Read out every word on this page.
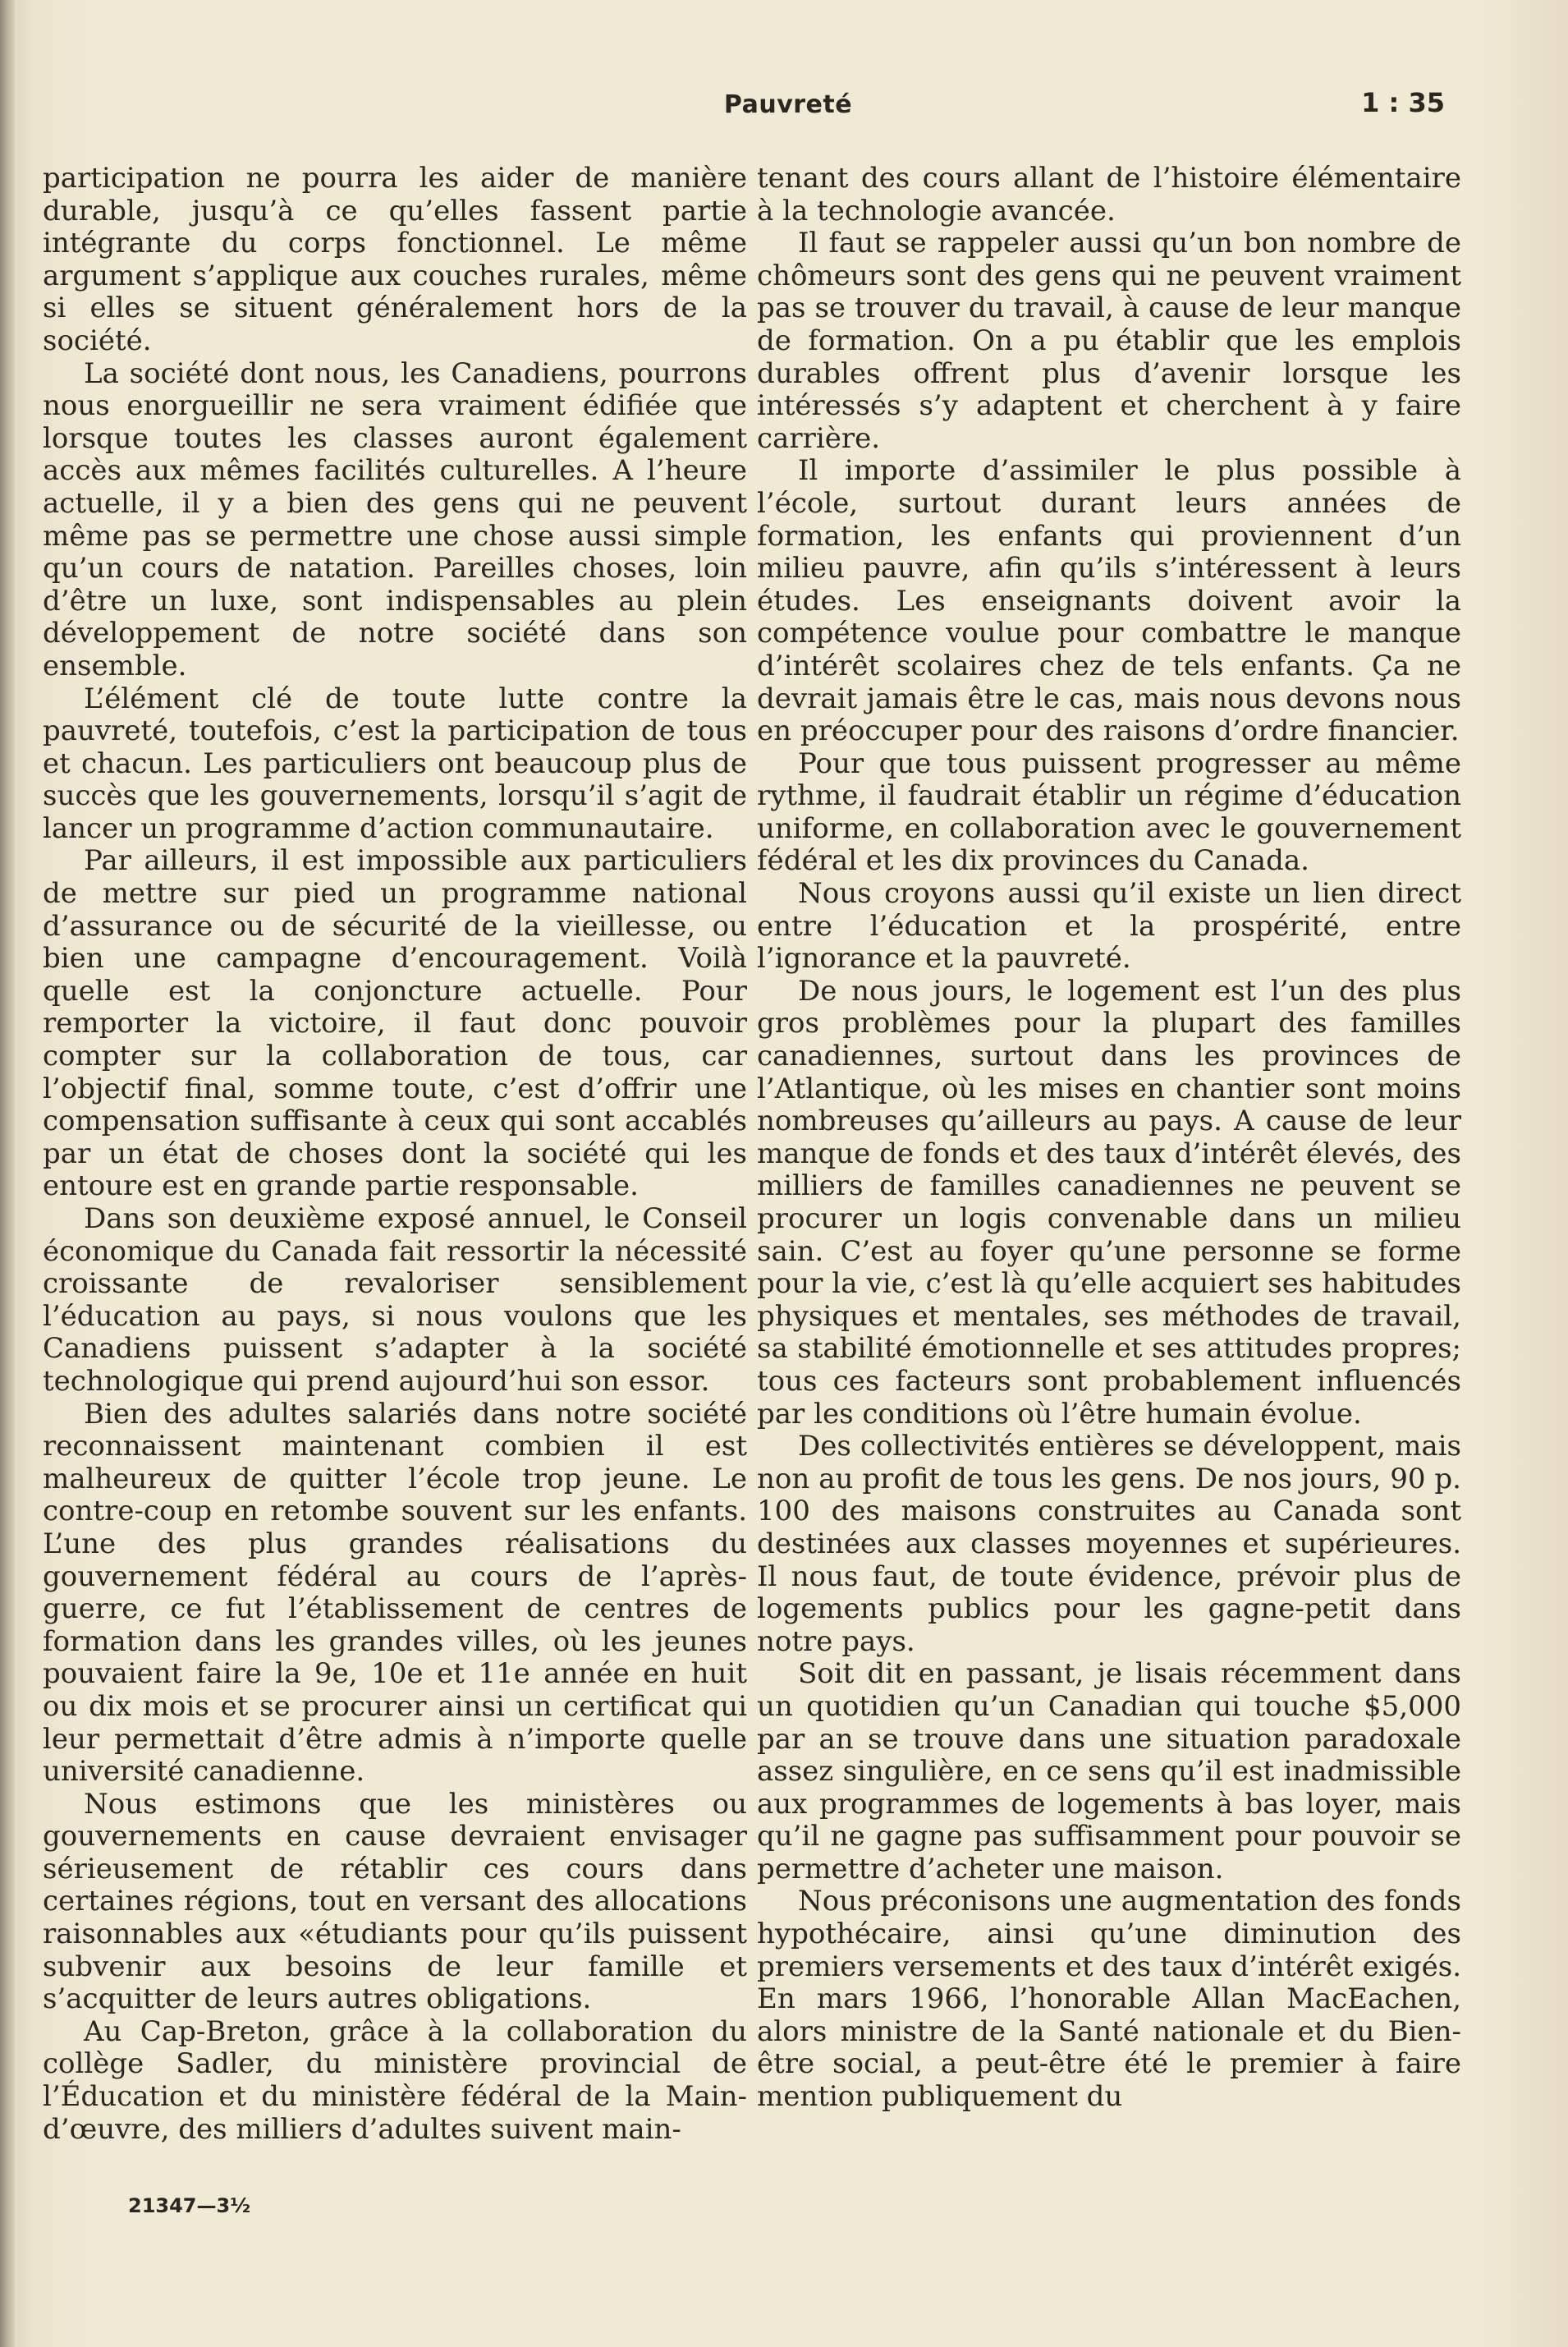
Pauvreté	1 : 35

participation ne pourra les aider de manière durable, jusqu’à ce qu’elles fassent partie intégrante du corps fonctionnel. Le même argument s’applique aux couches rurales, même si elles se situent généralement hors de la société.

La société dont nous, les Canadiens, pourrons nous enorgueillir ne sera vraiment édifiée que lorsque toutes les classes auront également accès aux mêmes facilités culturelles. A l’heure actuelle, il y a bien des gens qui ne peuvent même pas se permettre une chose aussi simple qu’un cours de natation. Pareilles choses, loin d’être un luxe, sont indispensables au plein développement de notre société dans son ensemble.

L’élément clé de toute lutte contre la pauvreté, toutefois, c’est la participation de tous et chacun. Les particuliers ont beaucoup plus de succès que les gouvernements, lorsqu’il s’agit de lancer un programme d’action communautaire.

Par ailleurs, il est impossible aux particuliers de mettre sur pied un programme national d’assurance ou de sécurité de la vieillesse, ou bien une campagne d’encouragement. Voilà quelle est la conjoncture actuelle. Pour remporter la victoire, il faut donc pouvoir compter sur la collaboration de tous, car l’objectif final, somme toute, c’est d’offrir une compensation suffisante à ceux qui sont accablés par un état de choses dont la société qui les entoure est en grande partie responsable.

Dans son deuxième exposé annuel, le Conseil économique du Canada fait ressortir la nécessité croissante de revaloriser sensiblement l’éducation au pays, si nous voulons que les Canadiens puissent s’adapter à la société technologique qui prend aujourd’hui son essor.

Bien des adultes salariés dans notre société reconnaissent maintenant combien il est malheureux de quitter l’école trop jeune. Le contre-coup en retombe souvent sur les enfants. L’une des plus grandes réalisations du gouvernement fédéral au cours de l’après-guerre, ce fut l’établissement de centres de formation dans les grandes villes, où les jeunes pouvaient faire la 9e, 10e et 11e année en huit ou dix mois et se procurer ainsi un certificat qui leur permettait d’être admis à n’importe quelle université canadienne.

Nous estimons que les ministères ou gouvernements en cause devraient envisager sérieusement de rétablir ces cours dans certaines régions, tout en versant des allocations raisonnables aux «étudiants pour qu’ils puissent subvenir aux besoins de leur famille et s’acquitter de leurs autres obligations.

Au Cap-Breton, grâce à la collaboration du collège Sadler, du ministère provincial de l’Éducation et du ministère fédéral de la Main-d’œuvre, des milliers d’adultes suivent main-

tenant des cours allant de l’histoire élémentaire à la technologie avancée.

Il faut se rappeler aussi qu’un bon nombre de chômeurs sont des gens qui ne peuvent vraiment pas se trouver du travail, à cause de leur manque de formation. On a pu établir que les emplois durables offrent plus d’avenir lorsque les intéressés s’y adaptent et cherchent à y faire carrière.

Il importe d’assimiler le plus possible à l’école, surtout durant leurs années de formation, les enfants qui proviennent d’un milieu pauvre, afin qu’ils s’intéressent à leurs études. Les enseignants doivent avoir la compétence voulue pour combattre le manque d’intérêt scolaires chez de tels enfants. Ça ne devrait jamais être le cas, mais nous devons nous en préoccuper pour des raisons d’ordre financier.

Pour que tous puissent progresser au même rythme, il faudrait établir un régime d’éducation uniforme, en collaboration avec le gouvernement fédéral et les dix provinces du Canada.

Nous croyons aussi qu’il existe un lien direct entre l’éducation et la prospérité, entre l’ignorance et la pauvreté.

De nous jours, le logement est l’un des plus gros problèmes pour la plupart des familles canadiennes, surtout dans les provinces de l’Atlantique, où les mises en chantier sont moins nombreuses qu’ailleurs au pays. A cause de leur manque de fonds et des taux d’intérêt élevés, des milliers de familles canadiennes ne peuvent se procurer un logis convenable dans un milieu sain. C’est au foyer qu’une personne se forme pour la vie, c’est là qu’elle acquiert ses habitudes physiques et mentales, ses méthodes de travail, sa stabilité émotionnelle et ses attitudes propres; tous ces facteurs sont probablement influencés par les conditions où l’être humain évolue.

Des collectivités entières se développent, mais non au profit de tous les gens. De nos jours, 90 p. 100 des maisons construites au Canada sont destinées aux classes moyennes et supérieures. Il nous faut, de toute évidence, prévoir plus de logements publics pour les gagne-petit dans notre pays.

Soit dit en passant, je lisais récemment dans un quotidien qu’un Canadian qui touche $5,000 par an se trouve dans une situation paradoxale assez singulière, en ce sens qu’il est inadmissible aux programmes de logements à bas loyer, mais qu’il ne gagne pas suffisamment pour pouvoir se permettre d’acheter une maison.

Nous préconisons une augmentation des fonds hypothécaire, ainsi qu’une diminution des premiers versements et des taux d’intérêt exigés. En mars 1966, l’honorable Allan MacEachen, alors ministre de la Santé nationale et du Bien-être social, a peut-être été le premier à faire mention publiquement du

21347—3½
